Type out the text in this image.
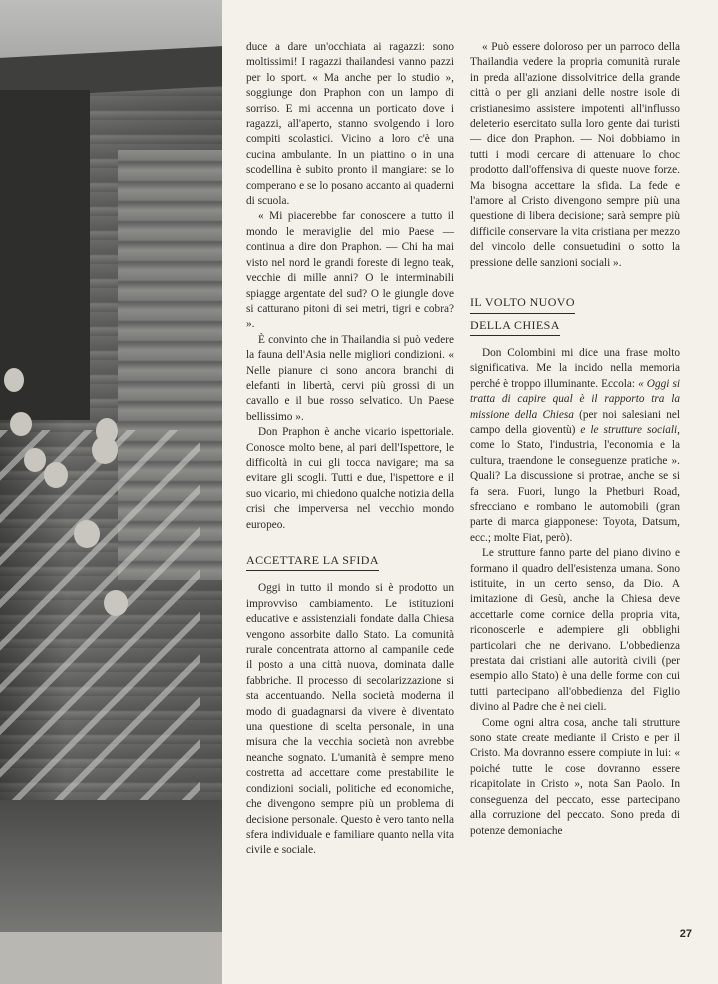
duce a dare un'occhiata ai ragazzi: sono moltissimi! I ragazzi thailandesi vanno pazzi per lo sport. « Ma anche per lo studio », soggiunge don Praphon con un lampo di sorriso. E mi accenna un porticato dove i ragazzi, all'aperto, stanno svolgendo i loro compiti scolastici. Vicino a loro c'è una cucina ambulante. In un piattino o in una scodellina è subito pronto il mangiare: se lo comperano e se lo posano accanto ai quaderni di scuola.

« Mi piacerebbe far conoscere a tutto il mondo le meraviglie del mio Paese — continua a dire don Praphon. — Chi ha mai visto nel nord le grandi foreste di legno teak, vecchie di mille anni? O le interminabili spiagge argentate del sud? O le giungle dove si catturano pitoni di sei metri, tigri e cobra? ».

È convinto che in Thailandia si può vedere la fauna dell'Asia nelle migliori condizioni. « Nelle pianure ci sono ancora branchi di elefanti in libertà, cervi più grossi di un cavallo e il bue rosso selvatico. Un Paese bellissimo ».

Don Praphon è anche vicario ispettoriale. Conosce molto bene, al pari dell'Ispettore, le difficoltà in cui gli tocca navigare; ma sa evitare gli scogli. Tutti e due, l'ispettore e il suo vicario, mi chiedono qualche notizia della crisi che imperversa nel vecchio mondo europeo.

ACCETTARE LA SFIDA

Oggi in tutto il mondo si è prodotto un improvviso cambiamento. Le istituzioni educative e assistenziali fondate dalla Chiesa vengono assorbite dallo Stato. La comunità rurale concentrata attorno al campanile cede il posto a una città nuova, dominata dalle fabbriche. Il processo di secolarizzazione si sta accentuando. Nella società moderna il modo di guadagnarsi da vivere è diventato una questione di scelta personale, in una misura che la vecchia società non avrebbe neanche sognato. L'umanità è sempre meno costretta ad accettare come prestabilite le condizioni sociali, politiche ed economiche, che divengono sempre più un problema di decisione personale. Questo è vero tanto nella sfera individuale e familiare quanto nella vita civile e sociale.

« Può essere doloroso per un parroco della Thailandia vedere la propria comunità rurale in preda all'azione dissolvitrice della grande città o per gli anziani delle nostre isole di cristianesimo assistere impotenti all'influsso deleterio esercitato sulla loro gente dai turisti — dice don Praphon. — Noi dobbiamo in tutti i modi cercare di attenuare lo choc prodotto dall'offensiva di queste nuove forze. Ma bisogna accettare la sfida. La fede e l'amore al Cristo divengono sempre più una questione di libera decisione; sarà sempre più difficile conservare la vita cristiana per mezzo del vincolo delle consuetudini o sotto la pressione delle sanzioni sociali ».

IL VOLTO NUOVO
DELLA CHIESA

Don Colombini mi dice una frase molto significativa. Me la incido nella memoria perché è troppo illuminante. Eccola: « Oggi si tratta di capire qual è il rapporto tra la missione della Chiesa (per noi salesiani nel campo della gioventù) e le strutture sociali, come lo Stato, l'industria, l'economia e la cultura, traendone le conseguenze pratiche ». Quali? La discussione si protrae, anche se si fa sera. Fuori, lungo la Phetburi Road, sfrecciano e rombano le automobili (gran parte di marca giapponese: Toyota, Datsum, ecc.; molte Fiat, però).

Le strutture fanno parte del piano divino e formano il quadro dell'esistenza umana. Sono istituite, in un certo senso, da Dio. A imitazione di Gesù, anche la Chiesa deve accettarle come cornice della propria vita, riconoscerle e adempiere gli obblighi particolari che ne derivano. L'obbedienza prestata dai cristiani alle autorità civili (per esempio allo Stato) è una delle forme con cui tutti partecipano all'obbedienza del Figlio divino al Padre che è nei cieli.

Come ogni altra cosa, anche tali strutture sono state create mediante il Cristo e per il Cristo. Ma dovranno essere compiute in lui: « poiché tutte le cose dovranno essere ricapitolate in Cristo », nota San Paolo. In conseguenza del peccato, esse partecipano alla corruzione del peccato. Sono preda di potenze demoniache

27
